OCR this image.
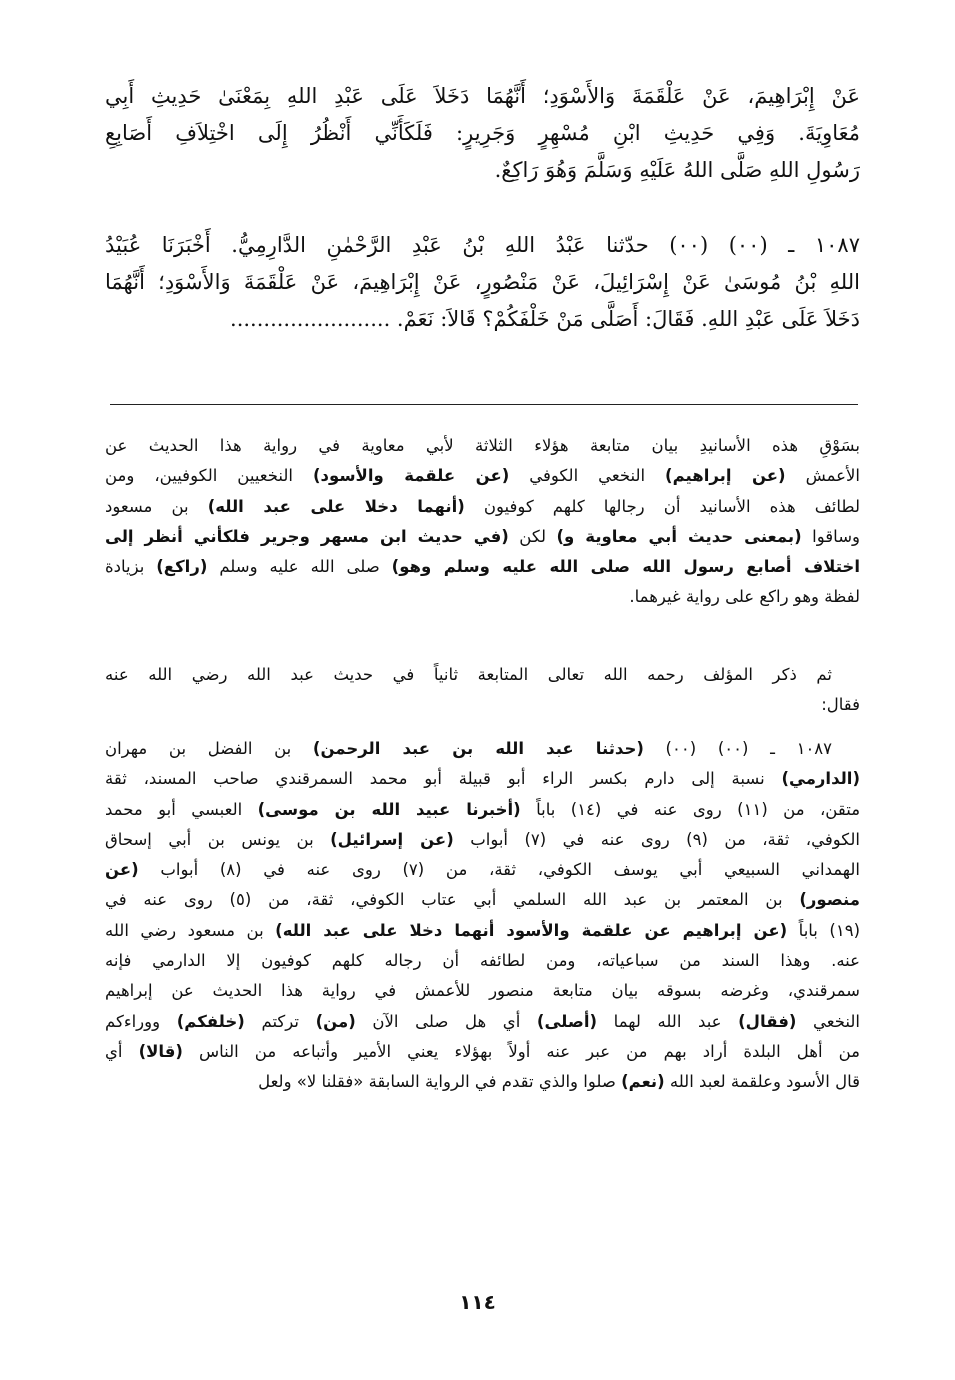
عَنْ إِبْرَاهِيمَ، عَنْ عَلْقَمَةَ وَالأَسْوَدِ؛ أَنَّهُمَا دَخَلاَ عَلَى عَبْدِ اللهِ بِمَعْنَىٰ حَدِيثِ أَبِي
مُعَاوِيَةَ. وَفِي حَدِيثِ ابْنِ مُسْهِرٍ وَجَرِيرٍ: فَلَكَأَنِّي أَنْظُرُ إِلَى اخْتِلاَفِ أَصَابِعِ
رَسُولِ اللهِ صَلَّى اللهُ عَلَيْهِ وَسَلَّمَ وَهُوَ رَاكِعٌ.
١٠٨٧ ـ (٠٠) (٠٠) حدّثنا عَبْدُ اللهِ بْنُ عَبْدِ الرَّحْمٰنِ الدَّارِمِيُّ. أَخْبَرَنَا عُبَيْدُ
اللهِ بْنُ مُوسَىٰ عَنْ إِسْرَائِيلَ، عَنْ مَنْصُورٍ، عَنْ إِبْرَاهِيمَ، عَنْ عَلْقَمَةَ وَالأَسْوَدِ؛ أَنَّهُمَا
دَخَلاَ عَلَى عَبْدِ اللهِ. فَقَالَ: أَصَلَّى مَنْ خَلْفَكُمْ؟ قَالاَ: نَعَمْ. ........................
بسَوْقِ هذه الأسانيدِ بيان متابعة هؤلاء الثلاثة لأبي معاوية في رواية هذا الحديث عن
الأعمش (عن إبراهيم) النخعي الكوفي (عن علقمة والأسود) النخعيين الكوفيين، ومن
لطائف هذه الأسانيد أن رجالها كلهم كوفيون (أنهما دخلا على عبد الله) بن مسعود
وساقوا (بمعنى حديث أبي معاوية و) لكن (في حديث ابن مسهر وجرير فلكأني أنظر إلى
اختلاف أصابع رسول الله صلى الله عليه وسلم وهو) صلى الله عليه وسلم (راكع) بزيادة
لفظة وهو راكع على رواية غيرهما.
ثم ذكر المؤلف رحمه الله تعالى المتابعة ثانياً في حديث عبد الله رضي الله عنه
فقال:
١٠٨٧ ـ (٠٠) (٠٠) (حدثنا عبد الله بن عبد الرحمن) بن الفضل بن مهران
(الدارمي) نسبة إلى دارم بكسر الراء أبو قبيلة أبو محمد السمرقندي صاحب المسند، ثقة
متقن، من (١١) روى عنه في (١٤) باباً (أخبرنا عبيد الله بن موسى) العبسي أبو محمد
الكوفي، ثقة، من (٩) روى عنه في (٧) أبواب (عن إسرائيل) بن يونس بن أبي إسحاق
الهمداني السبيعي أبي يوسف الكوفي، ثقة، من (٧) روى عنه في (٨) أبواب (عن
منصور) بن المعتمر بن عبد الله السلمي أبي عتاب الكوفي، ثقة، من (٥) روى عنه في
(١٩) باباً (عن إبراهيم عن علقمة والأسود أنهما دخلا على عبد الله) بن مسعود رضي الله
عنه. وهذا السند من سباعياته، ومن لطائفه أن رجاله كلهم كوفيون إلا الدارمي فإنه
سمرقندي، وغرضه بسوقه بيان متابعة منصور للأعمش في رواية هذا الحديث عن إبراهيم
النخعي (فقال) عبد الله لهما (أصلى) أي هل صلى الآن (من) تركتم (خلفكم) ووراءكم
من أهل البلدة أراد بهم من عبر عنه أولاً بهؤلاء يعني الأمير وأتباعه من الناس (قالا) أي
قال الأسود وعلقمة لعبد الله (نعم) صلوا والذي تقدم في الرواية السابقة «فقلنا لا» ولعل
١١٤
